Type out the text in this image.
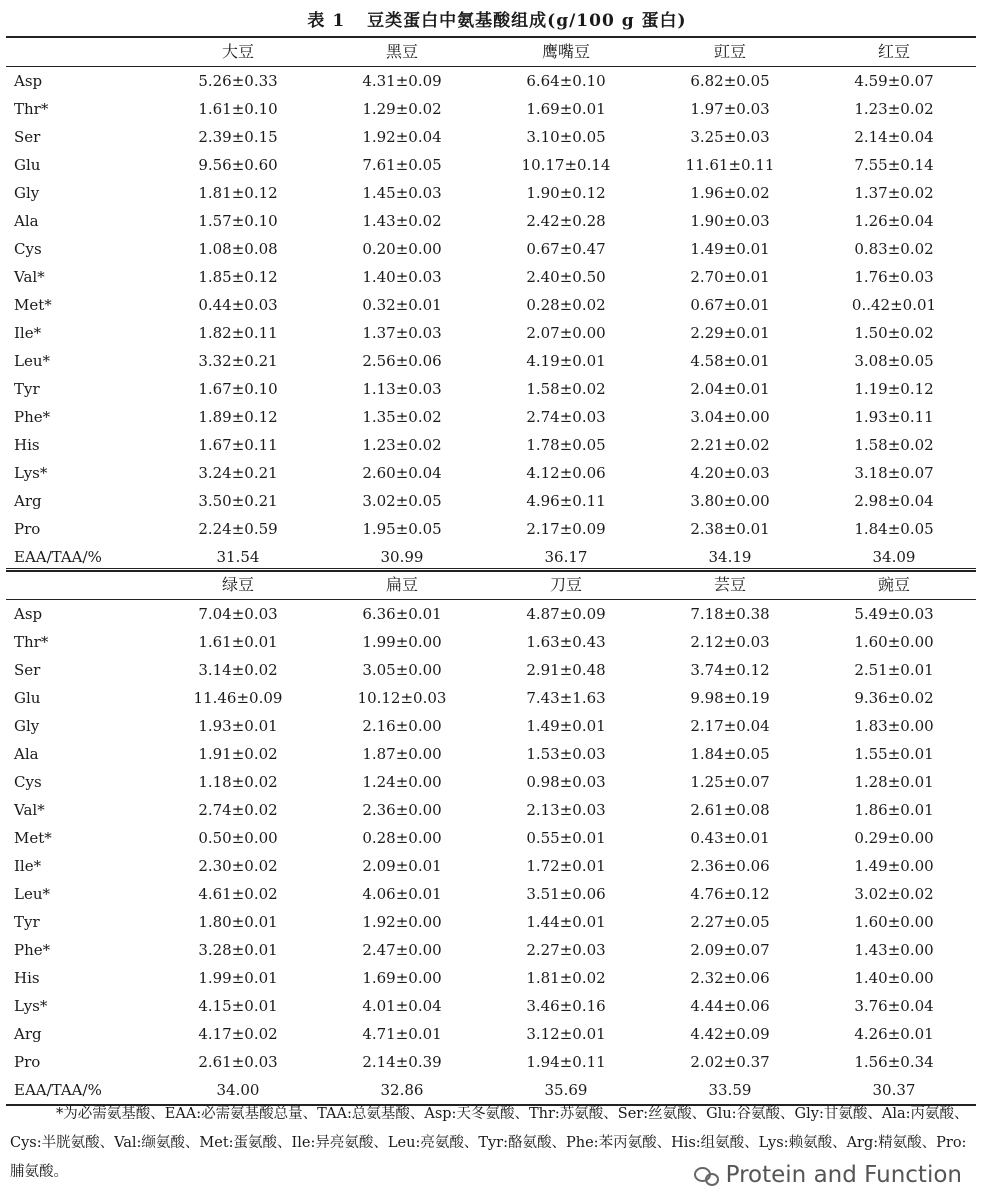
表 1 豆类蛋白中氨基酸组成(g/100 g 蛋白)
	大豆	黑豆	鹰嘴豆	豇豆	红豆
Asp	5.26±0.33	4.31±0.09	6.64±0.10	6.82±0.05	4.59±0.07
Thr*	1.61±0.10	1.29±0.02	1.69±0.01	1.97±0.03	1.23±0.02
Ser	2.39±0.15	1.92±0.04	3.10±0.05	3.25±0.03	2.14±0.04
Glu	9.56±0.60	7.61±0.05	10.17±0.14	11.61±0.11	7.55±0.14
Gly	1.81±0.12	1.45±0.03	1.90±0.12	1.96±0.02	1.37±0.02
Ala	1.57±0.10	1.43±0.02	2.42±0.28	1.90±0.03	1.26±0.04
Cys	1.08±0.08	0.20±0.00	0.67±0.47	1.49±0.01	0.83±0.02
Val*	1.85±0.12	1.40±0.03	2.40±0.50	2.70±0.01	1.76±0.03
Met*	0.44±0.03	0.32±0.01	0.28±0.02	0.67±0.01	0..42±0.01
Ile*	1.82±0.11	1.37±0.03	2.07±0.00	2.29±0.01	1.50±0.02
Leu*	3.32±0.21	2.56±0.06	4.19±0.01	4.58±0.01	3.08±0.05
Tyr	1.67±0.10	1.13±0.03	1.58±0.02	2.04±0.01	1.19±0.12
Phe*	1.89±0.12	1.35±0.02	2.74±0.03	3.04±0.00	1.93±0.11
His	1.67±0.11	1.23±0.02	1.78±0.05	2.21±0.02	1.58±0.02
Lys*	3.24±0.21	2.60±0.04	4.12±0.06	4.20±0.03	3.18±0.07
Arg	3.50±0.21	3.02±0.05	4.96±0.11	3.80±0.00	2.98±0.04
Pro	2.24±0.59	1.95±0.05	2.17±0.09	2.38±0.01	1.84±0.05
EAA/TAA/%	31.54	30.99	36.17	34.19	34.09
	绿豆	扁豆	刀豆	芸豆	豌豆
Asp	7.04±0.03	6.36±0.01	4.87±0.09	7.18±0.38	5.49±0.03
Thr*	1.61±0.01	1.99±0.00	1.63±0.43	2.12±0.03	1.60±0.00
Ser	3.14±0.02	3.05±0.00	2.91±0.48	3.74±0.12	2.51±0.01
Glu	11.46±0.09	10.12±0.03	7.43±1.63	9.98±0.19	9.36±0.02
Gly	1.93±0.01	2.16±0.00	1.49±0.01	2.17±0.04	1.83±0.00
Ala	1.91±0.02	1.87±0.00	1.53±0.03	1.84±0.05	1.55±0.01
Cys	1.18±0.02	1.24±0.00	0.98±0.03	1.25±0.07	1.28±0.01
Val*	2.74±0.02	2.36±0.00	2.13±0.03	2.61±0.08	1.86±0.01
Met*	0.50±0.00	0.28±0.00	0.55±0.01	0.43±0.01	0.29±0.00
Ile*	2.30±0.02	2.09±0.01	1.72±0.01	2.36±0.06	1.49±0.00
Leu*	4.61±0.02	4.06±0.01	3.51±0.06	4.76±0.12	3.02±0.02
Tyr	1.80±0.01	1.92±0.00	1.44±0.01	2.27±0.05	1.60±0.00
Phe*	3.28±0.01	2.47±0.00	2.27±0.03	2.09±0.07	1.43±0.00
His	1.99±0.01	1.69±0.00	1.81±0.02	2.32±0.06	1.40±0.00
Lys*	4.15±0.01	4.01±0.04	3.46±0.16	4.44±0.06	3.76±0.04
Arg	4.17±0.02	4.71±0.01	3.12±0.01	4.42±0.09	4.26±0.01
Pro	2.61±0.03	2.14±0.39	1.94±0.11	2.02±0.37	1.56±0.34
EAA/TAA/%	34.00	32.86	35.69	33.59	30.37
*为必需氨基酸、EAA:必需氨基酸总量、TAA:总氨基酸、Asp:天冬氨酸、Thr:苏氨酸、Ser:丝氨酸、Glu:谷氨酸、Gly:甘氨酸、Ala:丙氨酸、Cys:半胱氨酸、Val:缬氨酸、Met:蛋氨酸、Ile:异亮氨酸、Leu:亮氨酸、Tyr:酪氨酸、Phe:苯丙氨酸、His:组氨酸、Lys:赖氨酸、Arg:精氨酸、Pro:脯氨酸。	Protein and Function
